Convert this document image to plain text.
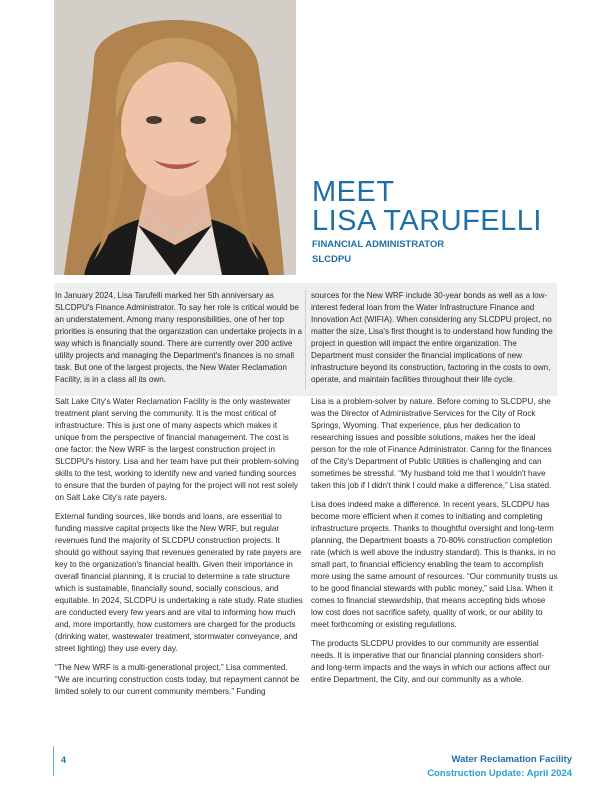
MEET
LISA TARUFELLI
FINANCIAL ADMINISTRATOR
SLCDPU

In January 2024, Lisa Tarufelli marked her 5th anniversary as SLCDPU's Finance Administrator. To say her role is critical would be an understatement. Among many responsibilities, one of her top priorities is ensuring that the organization can undertake projects in a way which is financially sound. There are currently over 200 active utility projects and managing the Department's finances is no small task. But one of the largest projects, the New Water Reclamation Facility, is in a class all its own.

Salt Lake City's Water Reclamation Facility is the only wastewater treatment plant serving the community. It is the most critical of infrastructure. This is just one of many aspects which makes it unique from the perspective of financial management. The cost is one factor: the New WRF is the largest construction project in SLCDPU's history. Lisa and her team have put their problem-solving skills to the test, working to identify new and varied funding sources to ensure that the burden of paying for the project will not rest solely on Salt Lake City's rate payers.

External funding sources, like bonds and loans, are essential to funding massive capital projects like the New WRF, but regular revenues fund the majority of SLCDPU construction projects. It should go without saying that revenues generated by rate payers are key to the organization's financial health. Given their importance in overall financial planning, it is crucial to determine a rate structure which is sustainable, financially sound, socially conscious, and equitable. In 2024, SLCDPU is undertaking a rate study. Rate studies are conducted every few years and are vital to informing how much and, more importantly, how customers are charged for the products (drinking water, wastewater treatment, stormwater conveyance, and street lighting) they use every day.

“The New WRF is a multi-generational project,” Lisa commented. “We are incurring construction costs today, but repayment cannot be limited solely to our current community members.” Funding

sources for the New WRF include 30-year bonds as well as a low-interest federal loan from the Water Infrastructure Finance and Innovation Act (WIFIA). When considering any SLCDPU project, no matter the size, Lisa's first thought is to understand how funding the project in question will impact the entire organization. The Department must consider the financial implications of new infrastructure beyond its construction, factoring in the costs to own, operate, and maintain facilities throughout their life cycle.

Lisa is a problem-solver by nature. Before coming to SLCDPU, she was the Director of Administrative Services for the City of Rock Springs, Wyoming. That experience, plus her dedication to researching issues and possible solutions, makes her the ideal person for the role of Finance Administrator. Caring for the finances of the City's Department of Public Utilities is challenging and can sometimes be stressful. “My husband told me that I wouldn't have taken this job if I didn't think I could make a difference,” Lisa stated.

Lisa does indeed make a difference. In recent years, SLCDPU has become more efficient when it comes to initiating and completing infrastructure projects. Thanks to thoughtful oversight and long-term planning, the Department boasts a 70-80% construction completion rate (which is well above the industry standard). This is thanks, in no small part, to financial efficiency enabling the team to accomplish more using the same amount of resources. “Our community trusts us to be good financial stewards with public money,” said Lisa. When it comes to financial stewardship, that means accepting bids whose low cost does not sacrifice safety, quality of work, or our ability to meet forthcoming or existing regulations.

The products SLCDPU provides to our community are essential needs. It is imperative that our financial planning considers short- and long-term impacts and the ways in which our actions affect our entire Department, the City, and our community as a whole.

4	Water Reclamation Facility
Construction Update: April 2024
